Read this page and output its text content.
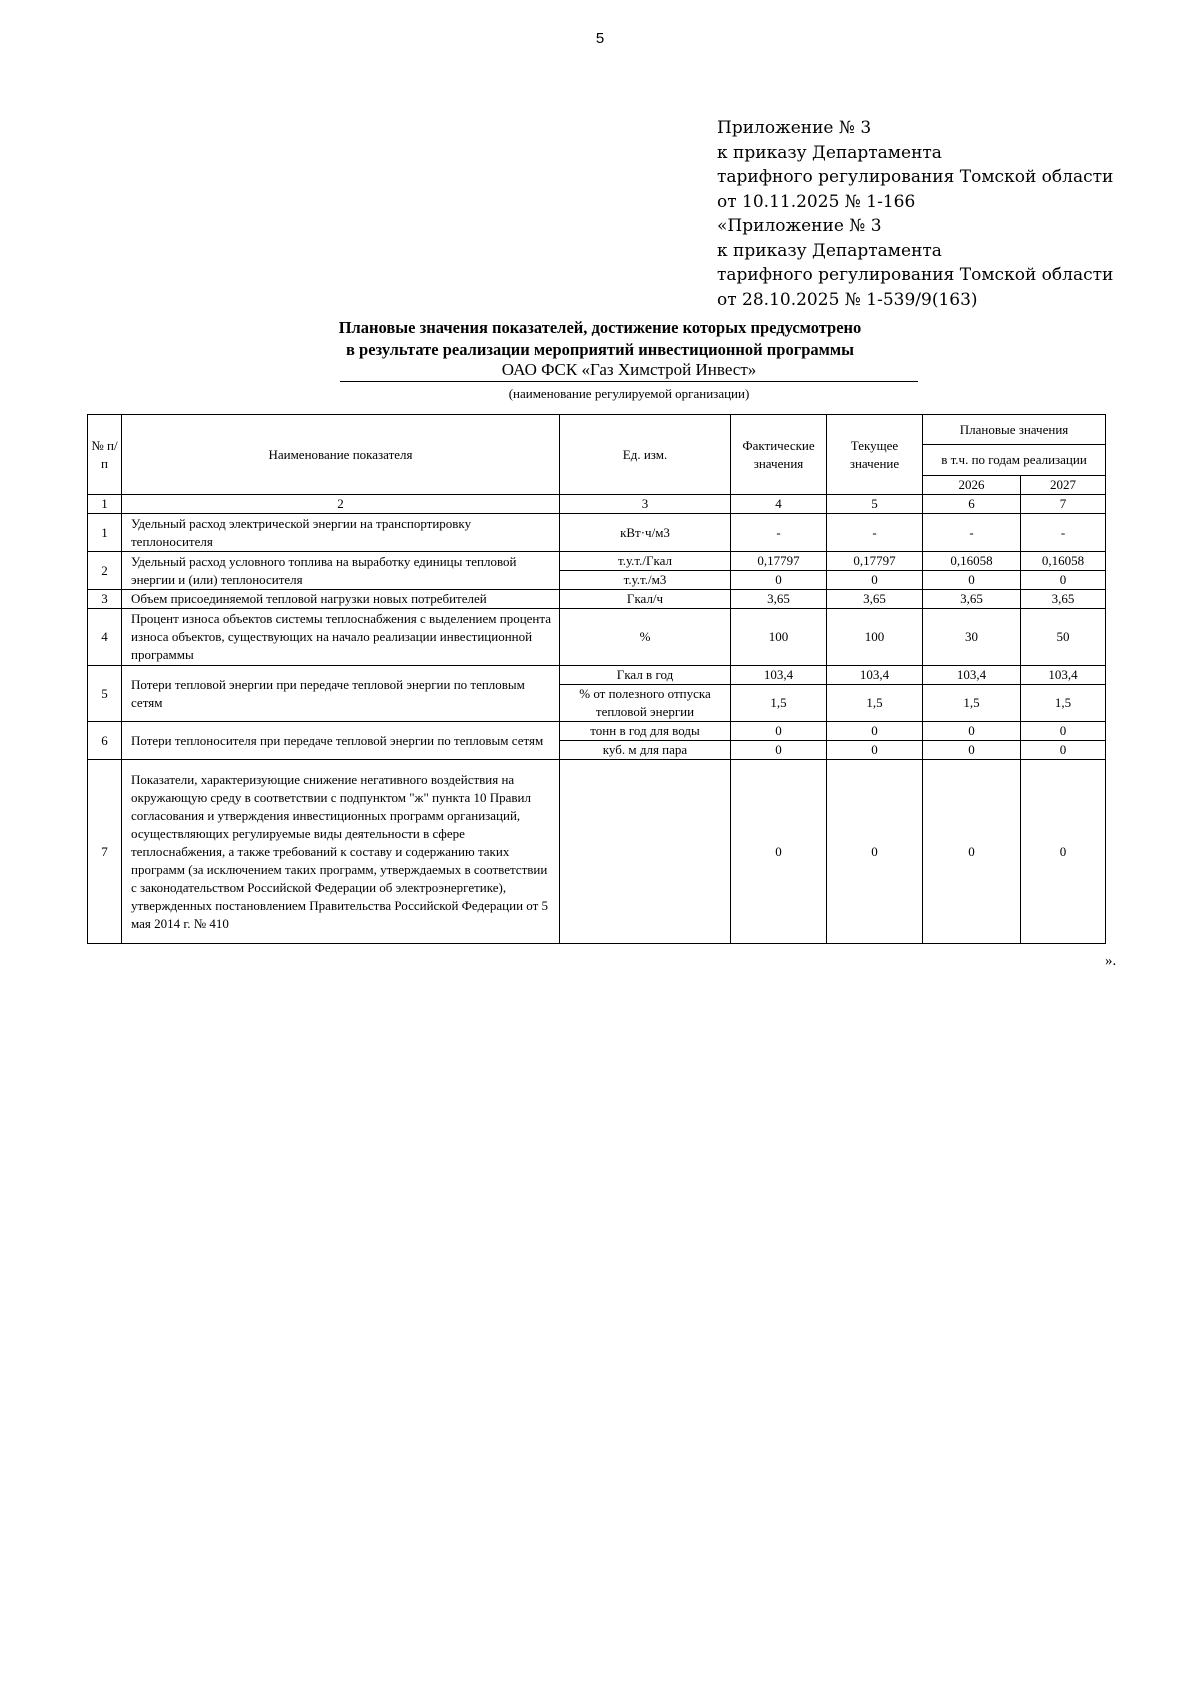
5
Приложение № 3
к приказу Департамента
тарифного регулирования Томской области
от 10.11.2025 № 1-166
«Приложение № 3
к приказу Департамента
тарифного регулирования Томской области
от 28.10.2025 № 1-539/9(163)
Плановые значения показателей, достижение которых предусмотрено
в результате реализации мероприятий инвестиционной программы
ОАО ФСК «Газ Химстрой Инвест»
(наименование регулируемой организации)
№ п/п	Наименование показателя	Ед. изм.	Фактические значения	Текущее значение	Плановые значения	
					в т.ч. по годам реализации	
					2026	2027
1	2	3	4	5	6	7
1	Удельный расход электрической энергии на транспортировку теплоносителя	кВт·ч/м3	-	-	-	-
2	Удельный расход условного топлива на выработку единицы тепловой энергии и (или) теплоносителя	т.у.т./Гкал	0,17797	0,17797	0,16058	0,16058
		т.у.т./м3	0	0	0	0
3	Объем присоединяемой тепловой нагрузки новых потребителей	Гкал/ч	3,65	3,65	3,65	3,65
4	Процент износа объектов системы теплоснабжения с выделением процента износа объектов, существующих на начало реализации инвестиционной программы	%	100	100	30	50
5	Потери тепловой энергии при передаче тепловой энергии по тепловым сетям	Гкал в год	103,4	103,4	103,4	103,4
		% от полезного отпуска тепловой энергии	1,5	1,5	1,5	1,5
6	Потери теплоносителя при передаче тепловой энергии по тепловым сетям	тонн в год для воды	0	0	0	0
		куб. м для пара	0	0	0	0
7	Показатели, характеризующие снижение негативного воздействия на окружающую среду в соответствии с подпунктом "ж" пункта 10 Правил согласования и утверждения инвестиционных программ организаций, осуществляющих регулируемые виды деятельности в сфере теплоснабжения, а также требований к составу и содержанию таких программ (за исключением таких программ, утверждаемых в соответствии с законодательством Российской Федерации об электроэнергетике), утвержденных постановлением Правительства Российской Федерации от 5 мая 2014 г. № 410		0	0	0	0
».
